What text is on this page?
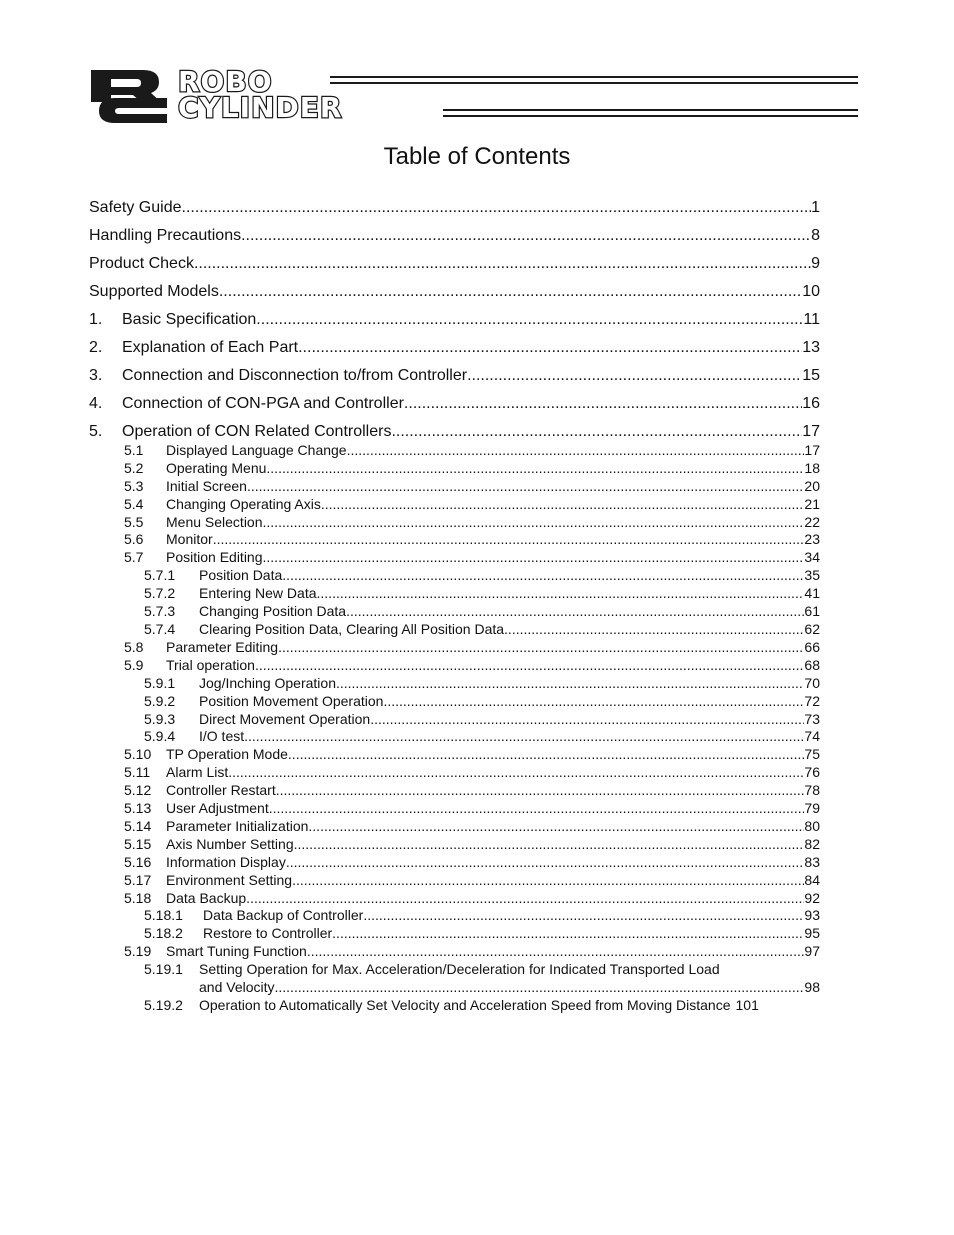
ROBO
CYLINDER
Table of Contents
Safety Guide .....	1
Handling Precautions .....	8
Product Check .....	9
Supported Models .....	10
1.	Basic Specification .....	11
2.	Explanation of Each Part .....	13
3.	Connection and Disconnection to/from Controller .....	15
4.	Connection of CON-PGA and Controller .....	16
5.	Operation of CON Related Controllers .....	17
5.1	Displayed Language Change .....	17
5.2	Operating Menu .....	18
5.3	Initial Screen .....	20
5.4	Changing Operating Axis .....	21
5.5	Menu Selection .....	22
5.6	Monitor .....	23
5.7	Position Editing .....	34
5.7.1	Position Data .....	35
5.7.2	Entering New Data .....	41
5.7.3	Changing Position Data .....	61
5.7.4	Clearing Position Data, Clearing All Position Data .....	62
5.8	Parameter Editing .....	66
5.9	Trial operation .....	68
5.9.1	Jog/Inching Operation .....	70
5.9.2	Position Movement Operation .....	72
5.9.3	Direct Movement Operation .....	73
5.9.4	I/O test .....	74
5.10	TP Operation Mode .....	75
5.11	Alarm List .....	76
5.12	Controller Restart .....	78
5.13	User Adjustment .....	79
5.14	Parameter Initialization .....	80
5.15	Axis Number Setting .....	82
5.16	Information Display .....	83
5.17	Environment Setting .....	84
5.18	Data Backup .....	92
5.18.1	Data Backup of Controller .....	93
5.18.2	Restore to Controller .....	95
5.19	Smart Tuning Function .....	97
5.19.1	Setting Operation for Max. Acceleration/Deceleration for Indicated Transported Load
and Velocity .....	98
5.19.2	Operation to Automatically Set Velocity and Acceleration Speed from Moving Distance 101
